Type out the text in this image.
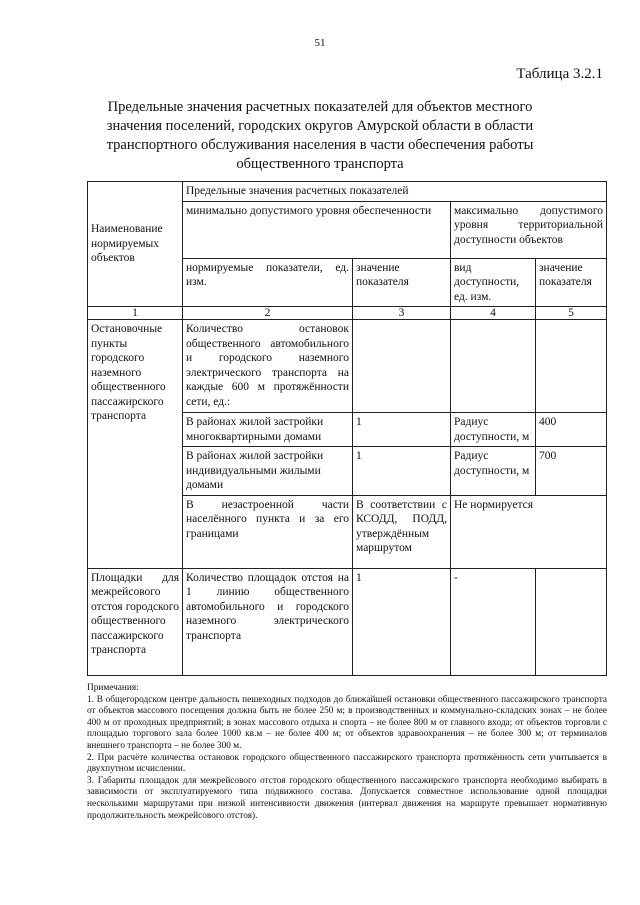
51
Таблица 3.2.1
Предельные значения расчетных показателей для объектов местного значения поселений, городских округов Амурской области в области транспортного обслуживания населения в части обеспечения работы общественного транспорта
Наименование нормируемых объектов	Предельные значения расчетных показателей			
	минимально допустимого уровня обеспеченности		максимально допустимого уровня территориальной доступности объектов	
	нормируемые показатели, ед. изм.	значение показателя	вид доступности, ед. изм.	значение показателя
1	2	3	4	5
Остановочные пункты городского наземного общественного пассажирского транспорта	Количество остановок общественного автомобильного и городского наземного электрического транспорта на каждые 600 м протяжённости сети, ед.:			
	В районах жилой застройки многоквартирными домами	1	Радиус доступности, м	400
	В районах жилой застройки индивидуальными жилыми домами	1	Радиус доступности, м	700
	В незастроенной части населённого пункта и за его границами	В соответствии с КСОДД, ПОДД, утверждённым маршрутом	Не нормируется	
Площадки для межрейсового отстоя городского общественного пассажирского транспорта	Количество площадок отстоя на 1 линию общественного автомобильного и городского наземного электрического транспорта	1	-	

Примечания:

1. В общегородском центре дальность пешеходных подходов до ближайшей остановки общественного пассажирского транспорта от объектов массового посещения должна быть не более 250 м; в производственных и коммунально-складских зонах – не более 400 м от проходных предприятий; в зонах массового отдыха и спорта – не более 800 м от главного входа; от объектов торговли с площадью торгового зала более 1000 кв.м – не более 400 м; от объектов здравоохранения – не более 300 м; от терминалов внешнего транспорта – не более 300 м.

2. При расчёте количества остановок городского общественного пассажирского транспорта протяжённость сети учитывается в двухпутном исчислении.

3. Габариты площадок для межрейсового отстоя городского общественного пассажирского транспорта необходимо выбирать в зависимости от эксплуатируемого типа подвижного состава. Допускается совместное использование одной площадки несколькими маршрутами при низкой интенсивности движения (интервал движения на маршруте превышает нормативную продолжительность межрейсового отстоя).
